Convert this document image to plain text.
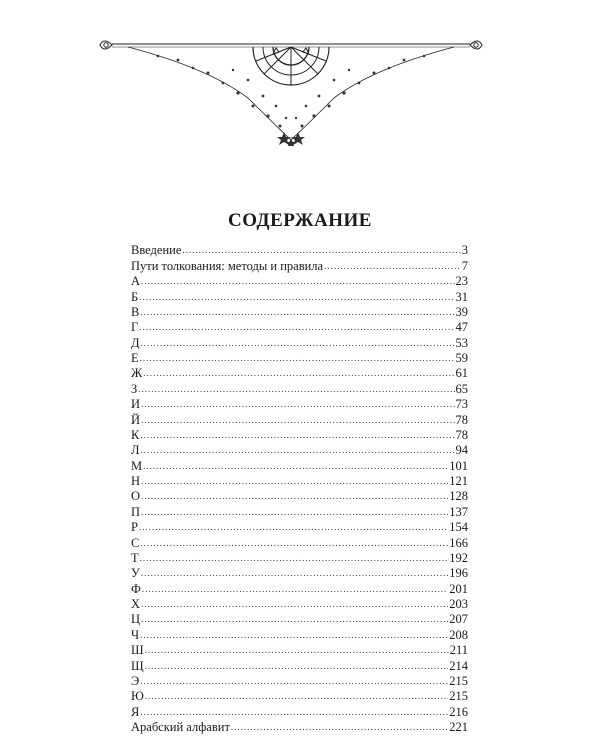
СОДЕРЖАНИЕ
Введение .....	3
Пути толкования: методы и правила .....	7
А .....	23
Б .....	31
В .....	39
Г .....	47
Д .....	53
Е .....	59
Ж .....	61
З .....	65
И .....	73
Й .....	78
К .....	78
Л .....	94
М .....	101
Н .....	121
О .....	128
П .....	137
Р .....	154
С .....	166
Т .....	192
У .....	196
Ф .....	201
Х .....	203
Ц .....	207
Ч .....	208
Ш .....	211
Щ .....	214
Э .....	215
Ю .....	215
Я .....	216
Арабский алфавит .....	221
